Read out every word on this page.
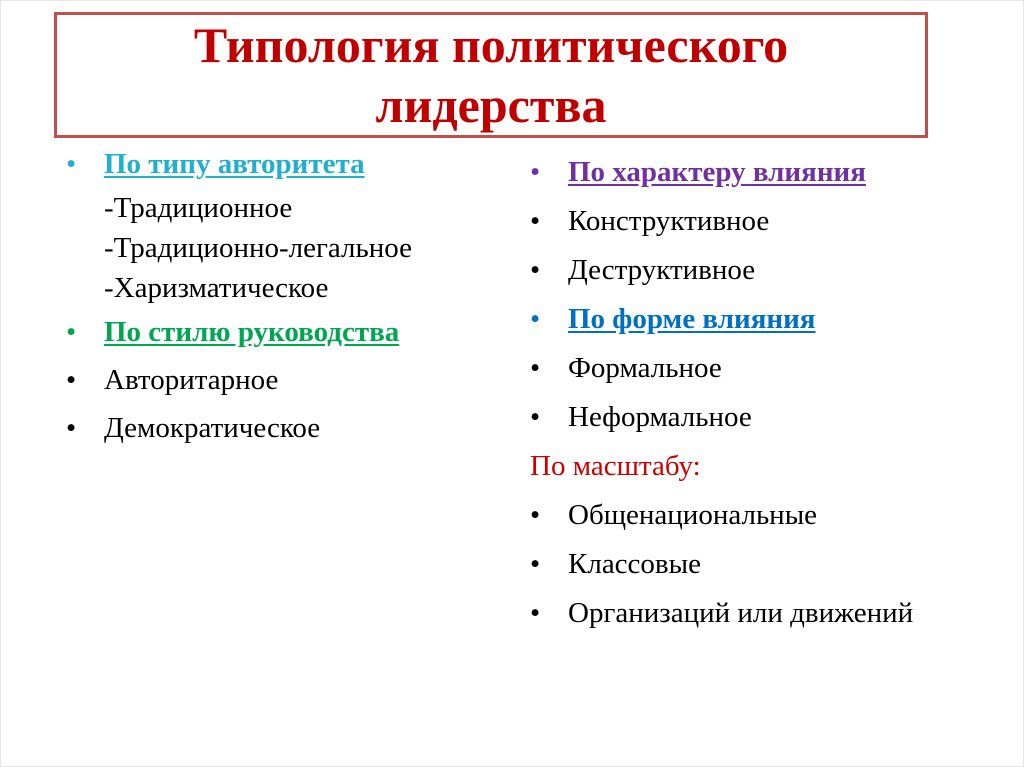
Типология политического
лидерства
• По типу авторитета
-Традиционное
-Традиционно-легальное
-Харизматическое
• По стилю руководства
• Авторитарное
• Демократическое
• По характеру влияния
• Конструктивное
• Деструктивное
• По форме влияния
• Формальное
• Неформальное
По масштабу:
• Общенациональные
• Классовые
• Организаций или движений
